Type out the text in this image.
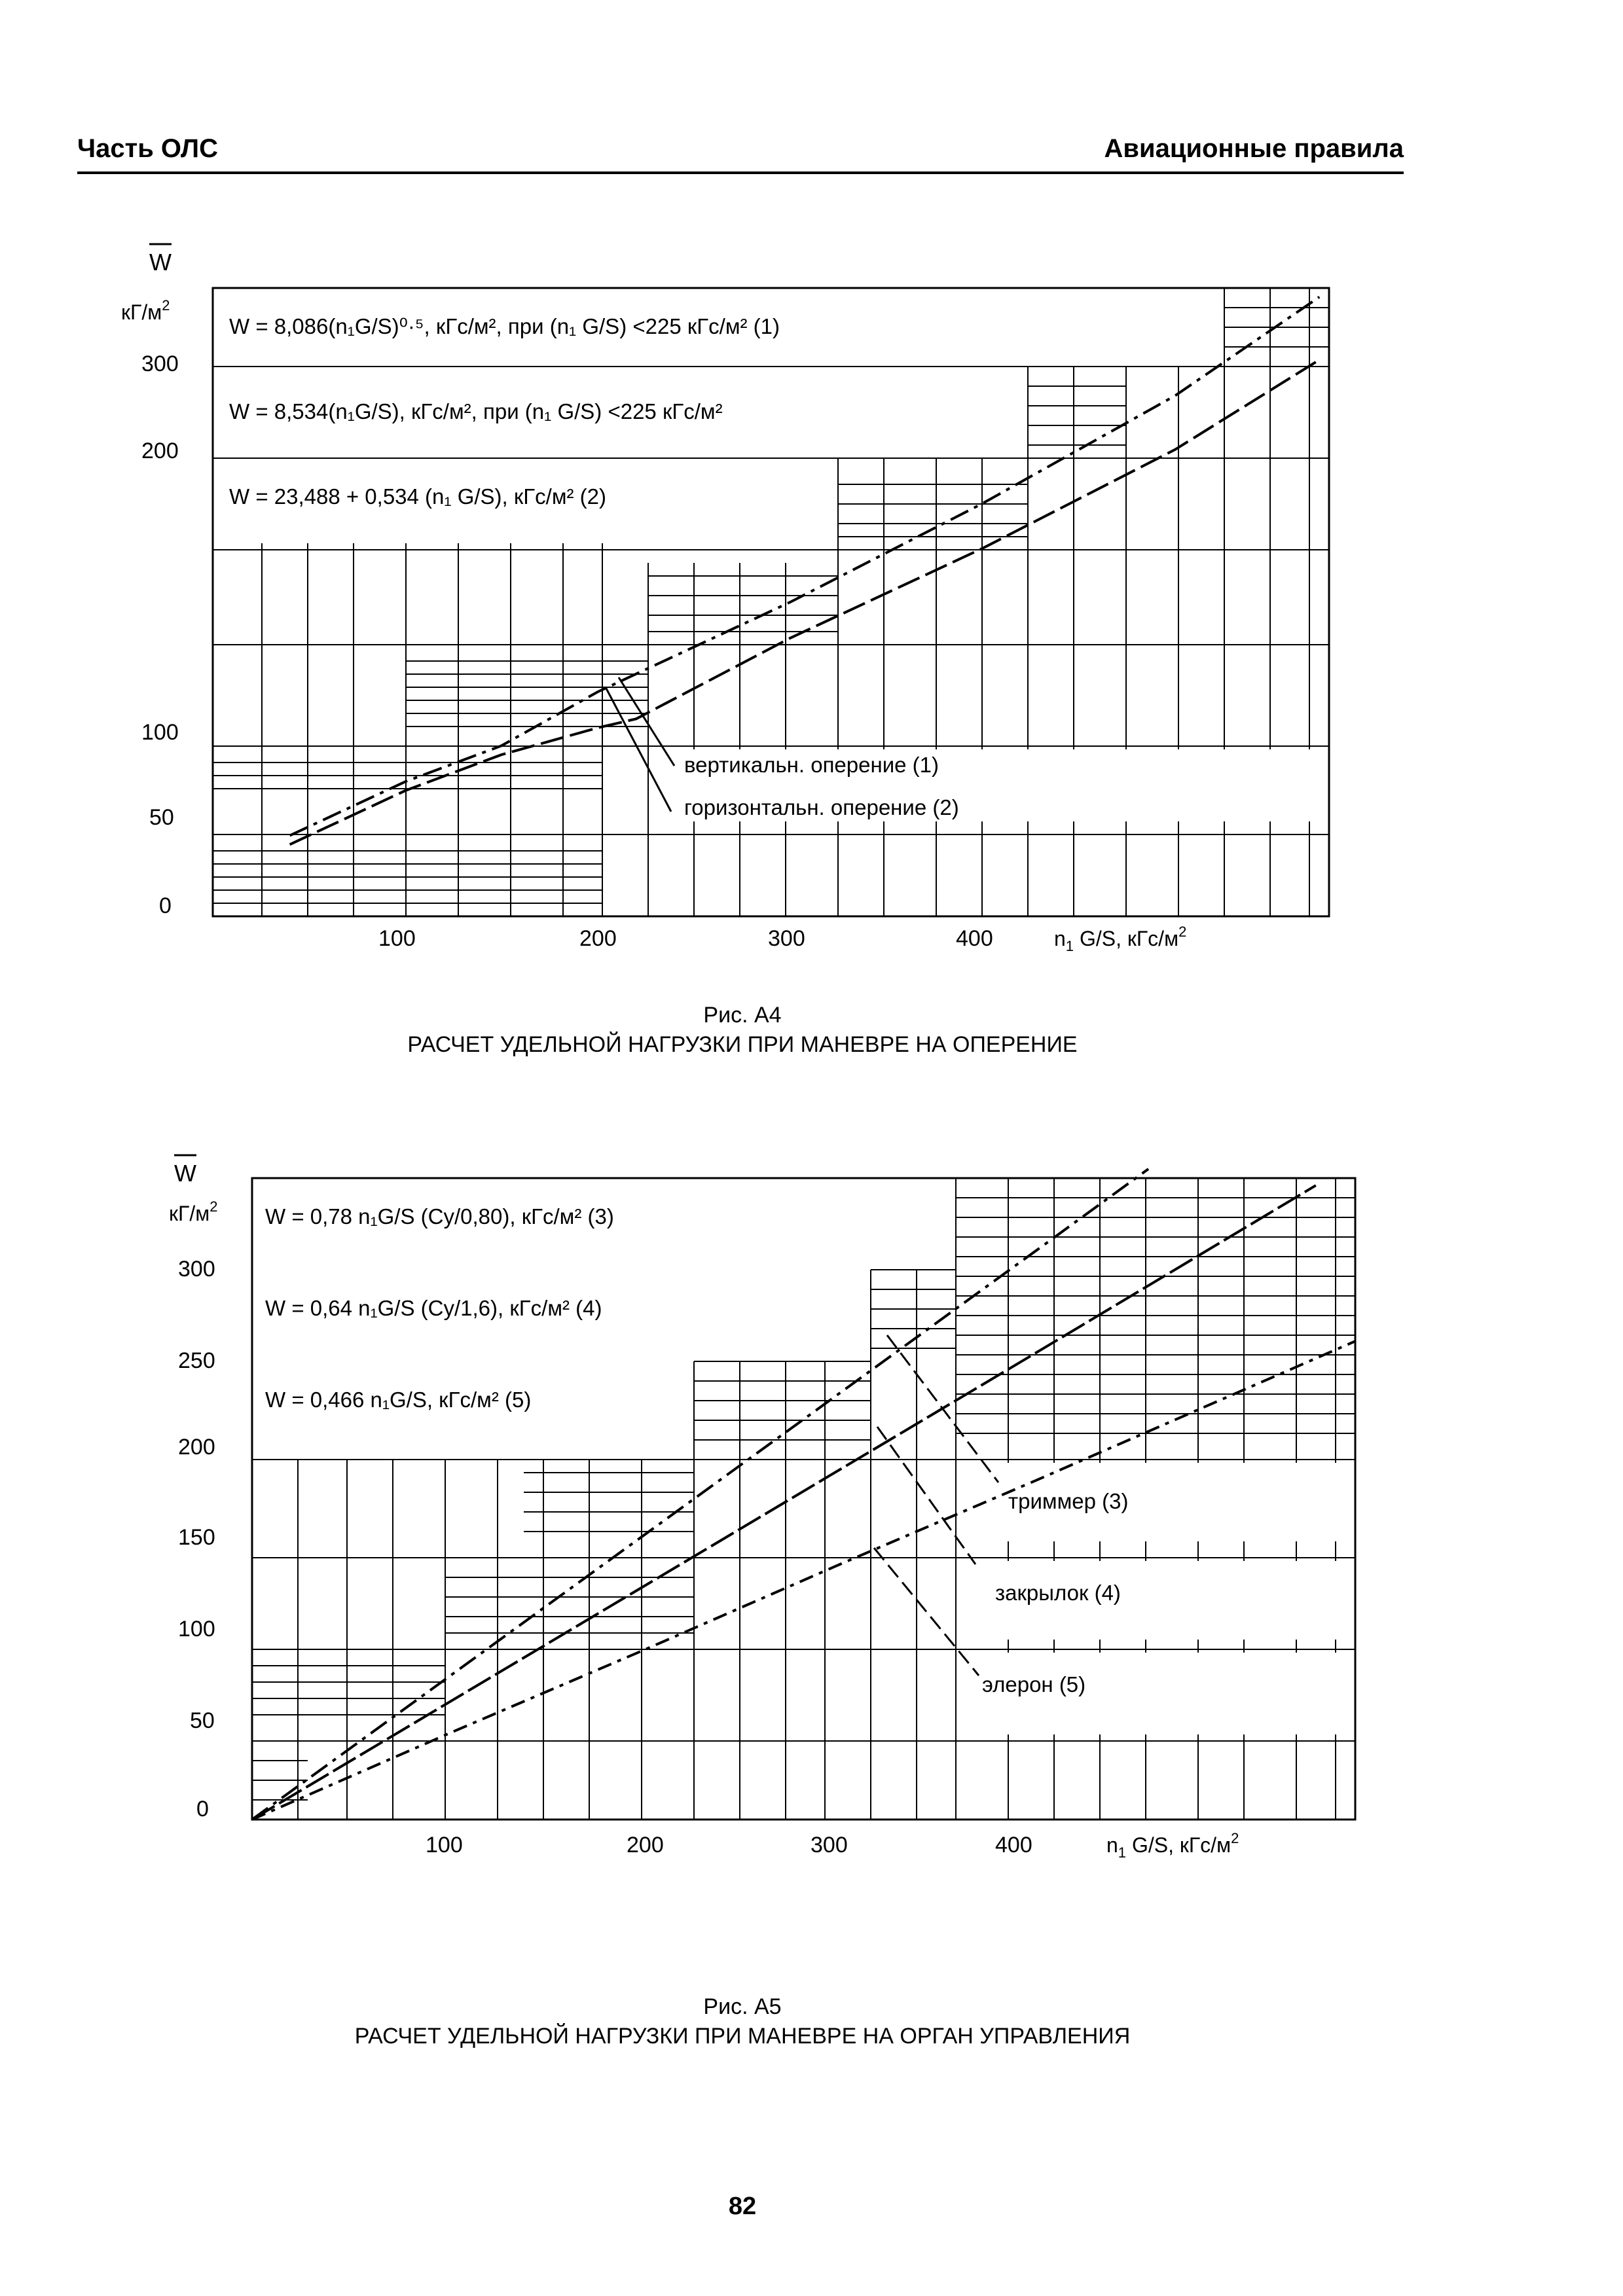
Часть ОЛС	Авиационные правила
W
$кГ/м^2$
300
200
100
50
0
W = 8,086(n₁G/S)⁰·⁵, кГс/м², при (n₁ G/S) <225 кГс/м² (1)
W = 8,534(n₁G/S), кГс/м², при (n₁ G/S) <225 кГс/м²
W = 23,488 + 0,534 (n₁ G/S), кГс/м² (2)
вертикальн. оперение (1)
горизонтальн. оперение (2)
100	200	300	400	$n_1$ G/S, кГс/$м^2$
W
$кГ/м^2$
300
250
200
150
100
50
0
W = 0,78 n₁G/S (Cy/0,80), кГс/м² (3)
W = 0,64 n₁G/S (Cy/1,6), кГс/м² (4)
W = 0,466 n₁G/S, кГс/м² (5)
триммер (3)
закрылок (4)
элерон (5)
100	200	300	400	$n_1$ G/S, кГс/$м^2$
Рис. А4
РАСЧЕТ УДЕЛЬНОЙ НАГРУЗКИ ПРИ МАНЕВРЕ НА ОПЕРЕНИЕ
Рис. А5
РАСЧЕТ УДЕЛЬНОЙ НАГРУЗКИ ПРИ МАНЕВРЕ НА ОРГАН УПРАВЛЕНИЯ
82
